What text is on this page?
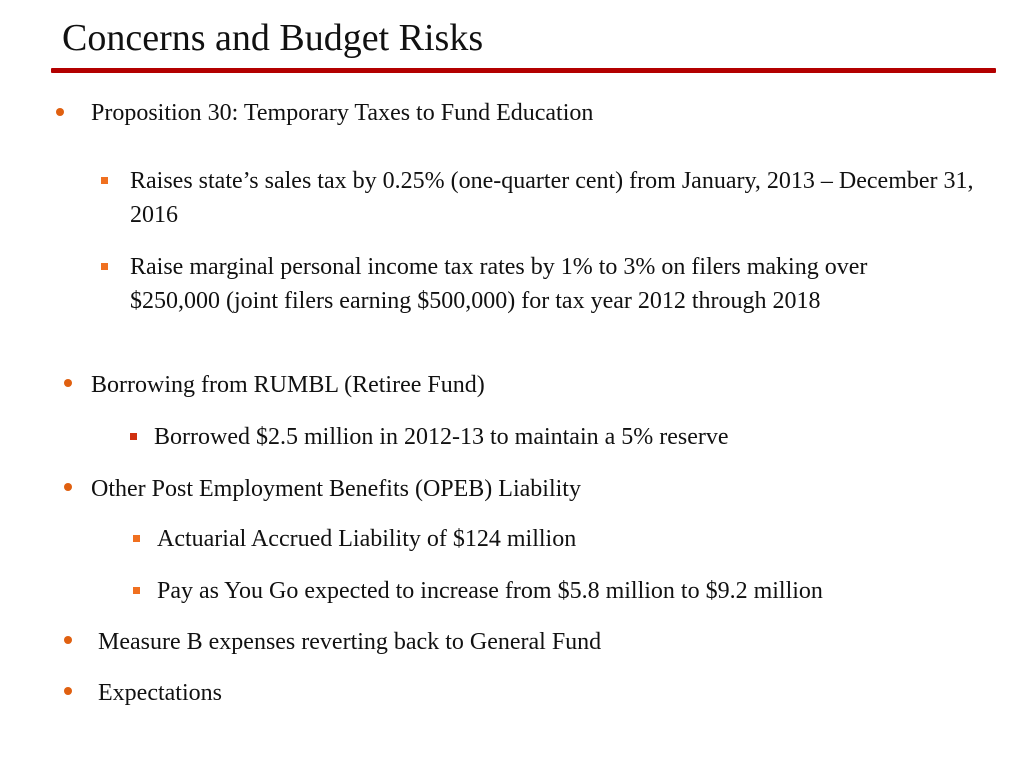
Concerns and Budget Risks
Proposition 30: Temporary Taxes to Fund Education
Raises state’s sales tax by 0.25% (one-quarter cent) from January, 2013 – December 31, 2016
Raise marginal personal income tax rates by 1% to 3% on filers making over $250,000 (joint filers earning $500,000) for tax year 2012 through 2018
Borrowing from RUMBL (Retiree Fund)
Borrowed $2.5 million in 2012-13 to maintain a 5% reserve
Other Post Employment Benefits (OPEB) Liability
Actuarial Accrued Liability of $124 million
Pay as You Go expected to increase from $5.8 million to $9.2 million
Measure B expenses reverting back to General Fund
Expectations
